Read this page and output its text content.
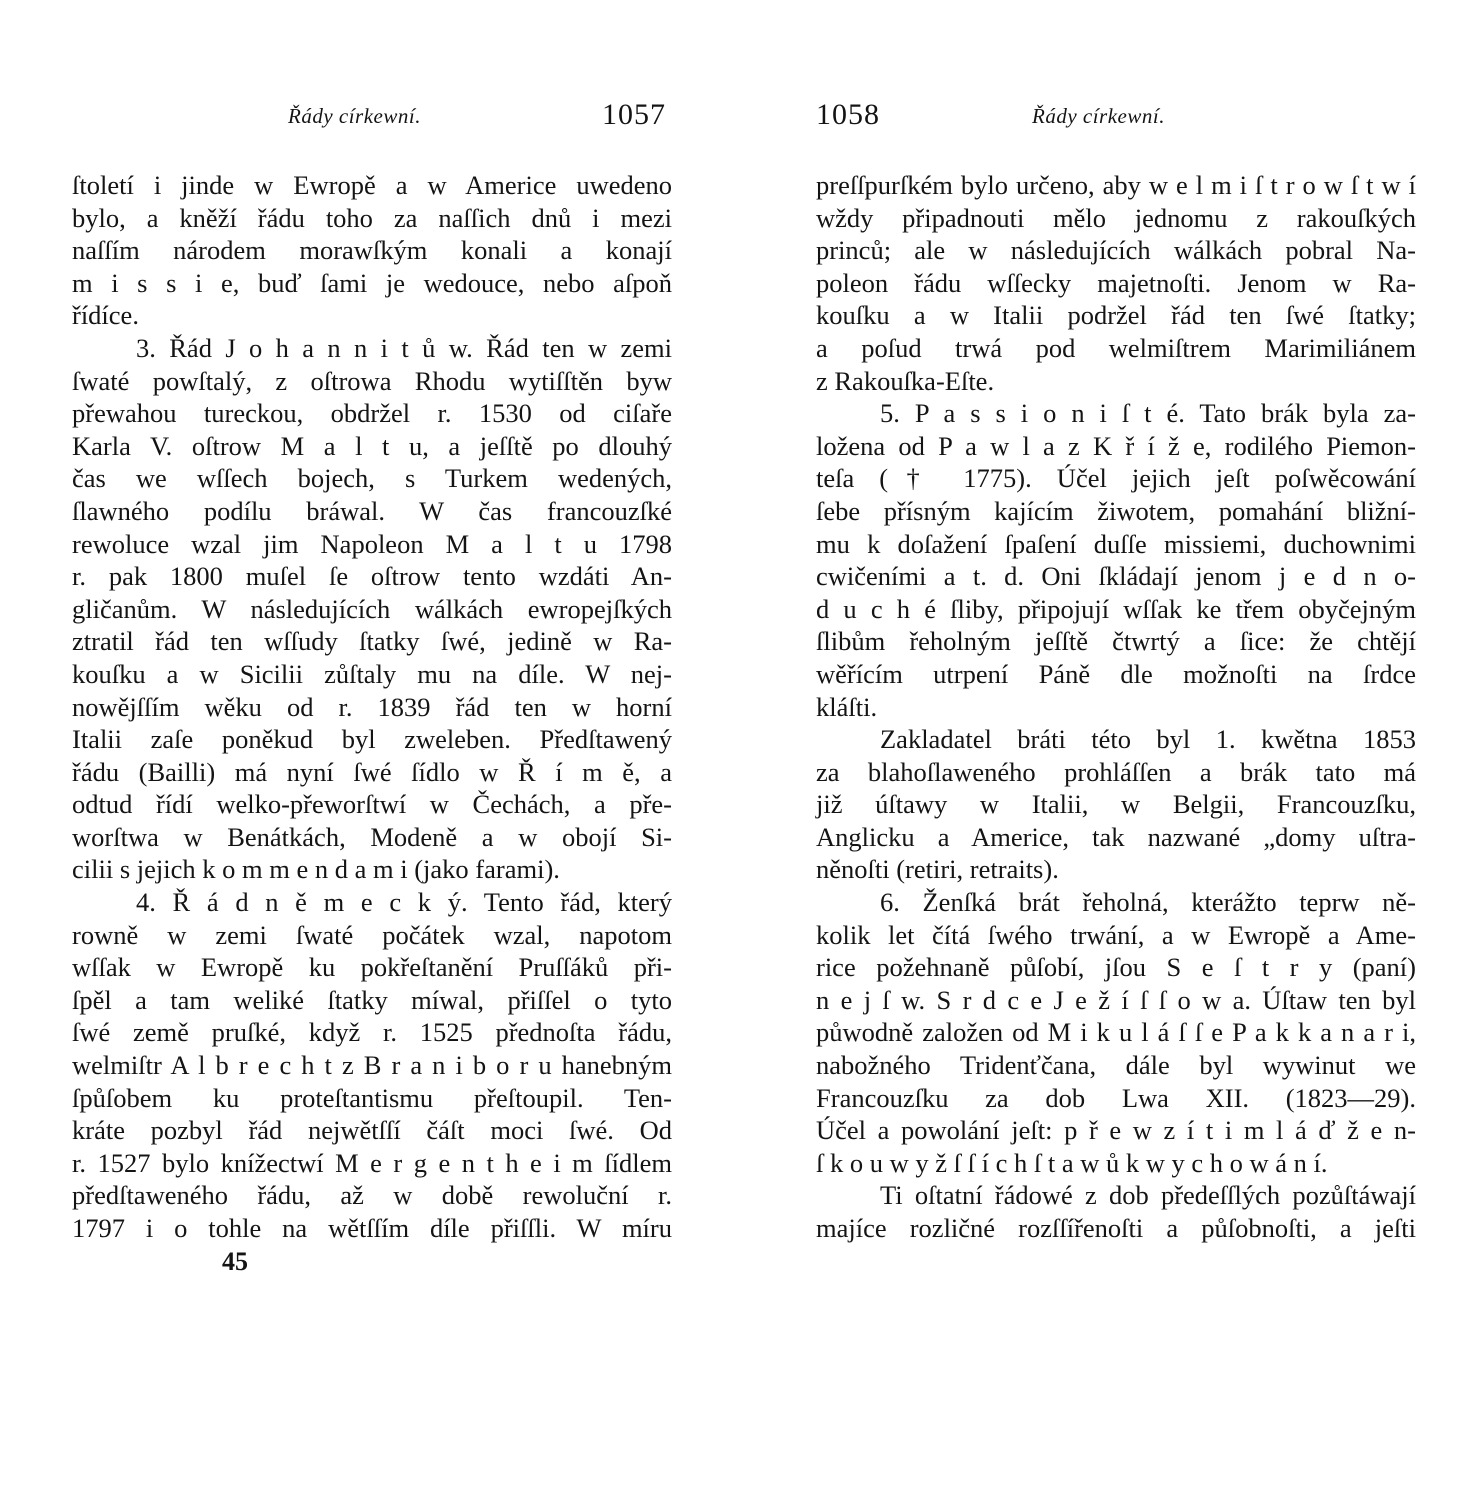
Řády církewní.	1057
ſtoletí i jinde w Ewropě a w Americe uwedeno
bylo, a kněží řádu toho za naſſich dnů i mezi
naſſím národem morawſkým konali a konají
m i s s i e, buď ſami je wedouce, nebo aſpoň
řídíce.
3. Řád J o h a n n i t ů w. Řád ten w zemi
ſwaté powſtalý, z oſtrowa Rhodu wytiſſtěn byw
přewahou tureckou, obdržel r. 1530 od ciſaře
Karla V. oſtrow M a l t u, a jeſſtě po dlouhý
čas we wſſech bojech, s Turkem wedených,
ſlawného podílu bráwal. W čas francouzſké
rewoluce wzal jim Napoleon M a l t u 1798
r. pak 1800 muſel ſe oſtrow tento wzdáti An-
gličanům. W následujících wálkách ewropejſkých
ztratil řád ten wſſudy ſtatky ſwé, jedině w Ra-
kouſku a w Sicilii zůſtaly mu na díle. W nej-
nowějſſím wěku od r. 1839 řád ten w horní
Italii zaſe poněkud byl zweleben. Předſtawený
řádu (Bailli) má nyní ſwé ſídlo w Ř í m ě, a
odtud řídí welko-přeworſtwí w Čechách, a pře-
worſtwa w Benátkách, Modeně a w obojí Si-
cilii s jejich k o m m e n d a m i (jako farami).
4. Ř á d n ě m e c k ý. Tento řád, který
rowně w zemi ſwaté počátek wzal, napotom
wſſak w Ewropě ku pokřeſtanění Pruſſáků při-
ſpěl a tam weliké ſtatky míwal, přiſſel o tyto
ſwé země pruſké, když r. 1525 přednoſta řádu,
welmiſtr A l b r e c h t z B r a n i b o r u hanebným
ſpůſobem ku proteſtantismu přeſtoupil. Ten-
kráte pozbyl řád nejwětſſí čáſt moci ſwé. Od
r. 1527 bylo knížectwí M e r g e n t h e i m ſídlem
předſtaweného řádu, až w době rewoluční r.
1797 i o tohle na wětſſím díle přiſſli. W míru
45
1058	Řády církewní.
preſſpurſkém bylo určeno, aby w e l m i ſ t r o w ſ t w í
wždy připadnouti mělo jednomu z rakouſkých
princů; ale w následujících wálkách pobral Na-
poleon řádu wſſecky majetnoſti. Jenom w Ra-
kouſku a w Italii podržel řád ten ſwé ſtatky;
a poſud trwá pod welmiſtrem Marimiliánem
z Rakouſka-Eſte.
5. P a s s i o n i ſ t é. Tato brák byla za-
ložena od P a w l a z K ř í ž e, rodilého Piemon-
teſa († 1775). Účel jejich jeſt poſwěcowání
ſebe přísným kajícím žiwotem, pomahání bližní-
mu k doſažení ſpaſení duſſe missiemi, duchownimi
cwičeními a t. d. Oni ſkládají jenom j e d n o-
d u c h é ſliby, připojují wſſak ke třem obyčejným
ſlibům řeholným jeſſtě čtwrtý a ſice: že chtějí
wěřícím utrpení Páně dle možnoſti na ſrdce
kláſti.
Zakladatel bráti této byl 1. kwětna 1853
za blahoſlaweného prohláſſen a brák tato má
již úſtawy w Italii, w Belgii, Francouzſku,
Anglicku a Americe, tak nazwané „domy uſtra-
něnoſti (retiri, retraits).
6. Ženſká brát řeholná, kterážto teprw ně-
kolik let čítá ſwého trwání, a w Ewropě a Ame-
rice požehnaně půſobí, jſou S e ſ t r y (paní)
n e j ſ w. S r d c e J e ž í ſ ſ o w a. Úſtaw ten byl
půwodně založen od M i k u l á ſ ſ e P a k k a n a r i,
nabožného Tridenťčana, dále byl wywinut we
Francouzſku za dob Lwa XII. (1823—29).
Účel a powolání jeſt: p ř e w z í t i m l á ď ž e n-
ſ k o u w y ž ſ ſ í c h ſ t a w ů k w y c h o w á n í.
Ti oſtatní řádowé z dob předeſſlých pozůſtáwají
majíce rozličné rozſſířenoſti a půſobnoſti, a jeſti
